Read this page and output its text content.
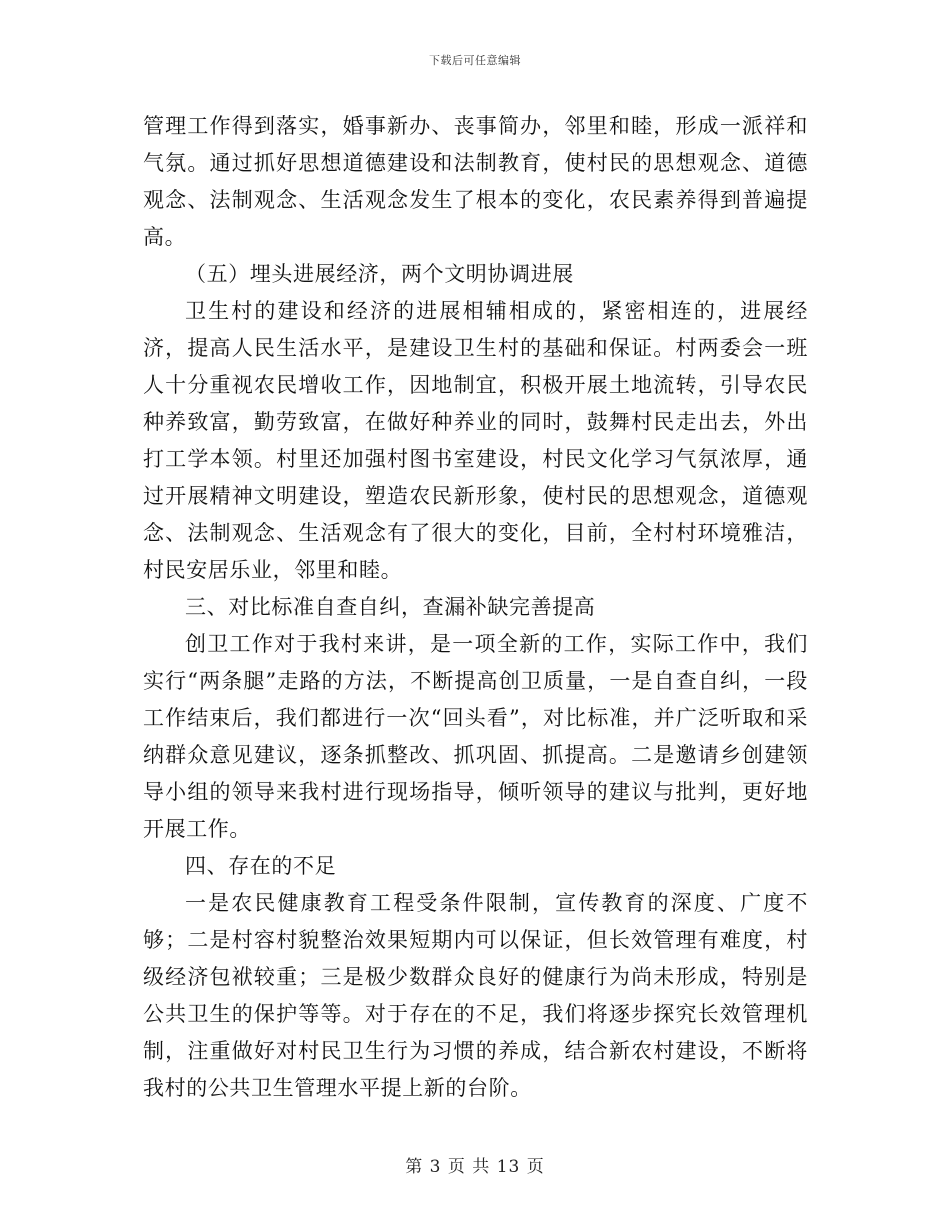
下载后可任意编辑

管理工作得到落实，婚事新办、丧事简办，邻里和睦，形成一派祥和气氛。通过抓好思想道德建设和法制教育，使村民的思想观念、道德观念、法制观念、生活观念发生了根本的变化，农民素养得到普遍提高。

（五）埋头进展经济，两个文明协调进展

卫生村的建设和经济的进展相辅相成的，紧密相连的，进展经济，提高人民生活水平，是建设卫生村的基础和保证。村两委会一班人十分重视农民增收工作，因地制宜，积极开展土地流转，引导农民种养致富，勤劳致富，在做好种养业的同时，鼓舞村民走出去，外出打工学本领。村里还加强村图书室建设，村民文化学习气氛浓厚，通过开展精神文明建设，塑造农民新形象，使村民的思想观念，道德观念、法制观念、生活观念有了很大的变化，目前，全村村环境雅洁，村民安居乐业，邻里和睦。

三、对比标准自查自纠，查漏补缺完善提高

创卫工作对于我村来讲，是一项全新的工作，实际工作中，我们实行“两条腿”走路的方法，不断提高创卫质量，一是自查自纠，一段工作结束后，我们都进行一次“回头看”，对比标准，并广泛听取和采纳群众意见建议，逐条抓整改、抓巩固、抓提高。二是邀请乡创建领导小组的领导来我村进行现场指导，倾听领导的建议与批判，更好地开展工作。

四、存在的不足

一是农民健康教育工程受条件限制，宣传教育的深度、广度不够；二是村容村貌整治效果短期内可以保证，但长效管理有难度，村级经济包袱较重；三是极少数群众良好的健康行为尚未形成，特别是公共卫生的保护等等。对于存在的不足，我们将逐步探究长效管理机制，注重做好对村民卫生行为习惯的养成，结合新农村建设，不断将我村的公共卫生管理水平提上新的台阶。

第 3 页 共 13 页
